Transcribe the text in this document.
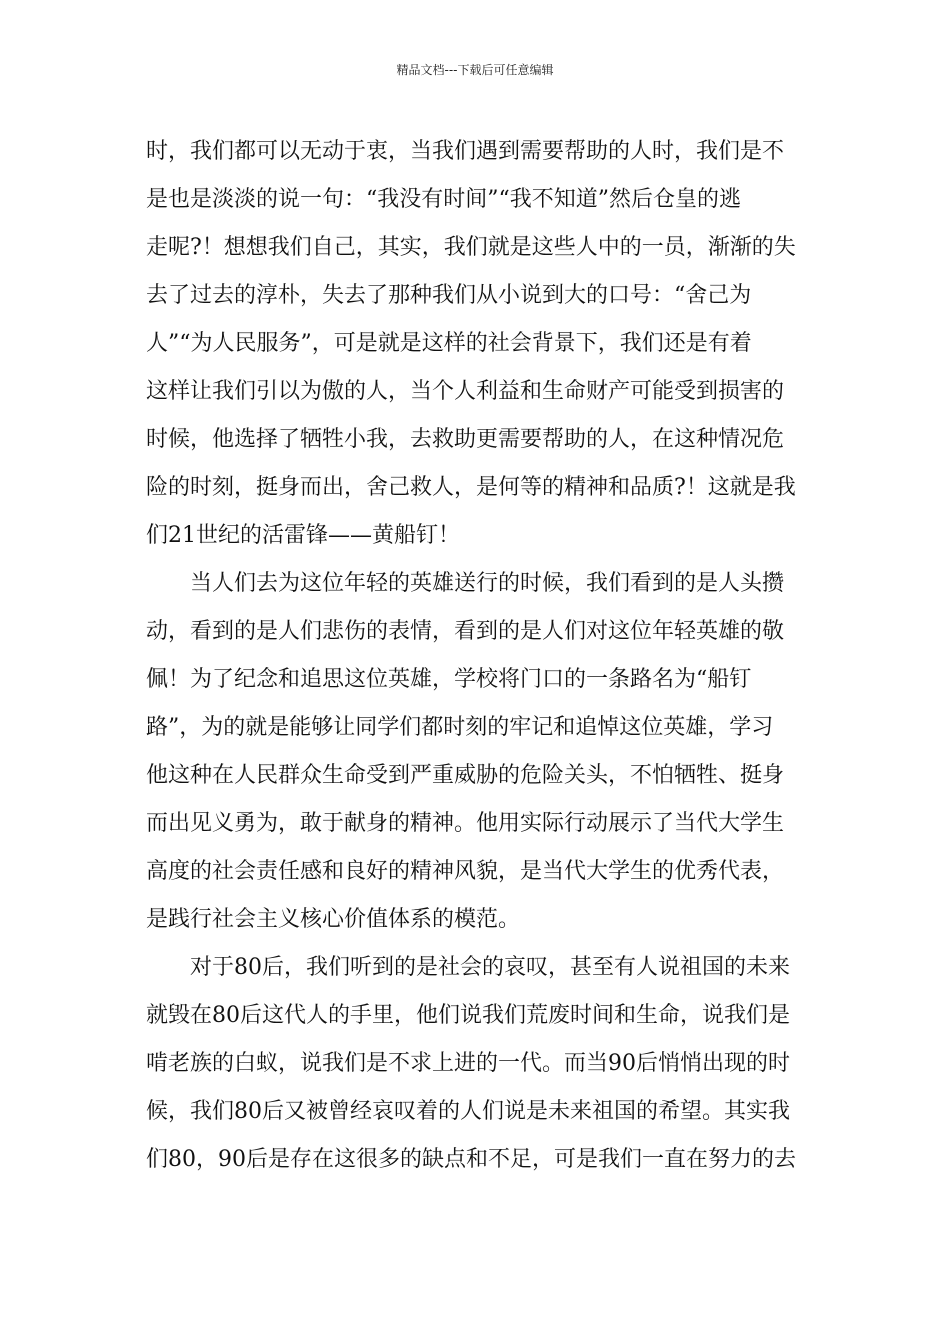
精品文档---下载后可任意编辑
时，我们都可以无动于衷，当我们遇到需要帮助的人时，我们是不
是也是淡淡的说一句：“我没有时间”“我不知道”然后仓皇的逃
走呢?！想想我们自己，其实，我们就是这些人中的一员，渐渐的失
去了过去的淳朴，失去了那种我们从小说到大的口号：“舍己为
人”“为人民服务”，可是就是这样的社会背景下，我们还是有着
这样让我们引以为傲的人，当个人利益和生命财产可能受到损害的
时候，他选择了牺牲小我，去救助更需要帮助的人，在这种情况危
险的时刻，挺身而出，舍己救人，是何等的精神和品质?！这就是我
们21世纪的活雷锋——黄船钉！
当人们去为这位年轻的英雄送行的时候，我们看到的是人头攒
动，看到的是人们悲伤的表情，看到的是人们对这位年轻英雄的敬
佩！为了纪念和追思这位英雄，学校将门口的一条路名为“船钉
路”，为的就是能够让同学们都时刻的牢记和追悼这位英雄，学习
他这种在人民群众生命受到严重威胁的危险关头，不怕牺牲、挺身
而出见义勇为，敢于献身的精神。他用实际行动展示了当代大学生
高度的社会责任感和良好的精神风貌，是当代大学生的优秀代表，
是践行社会主义核心价值体系的模范。
对于80后，我们听到的是社会的哀叹，甚至有人说祖国的未来
就毁在80后这代人的手里，他们说我们荒废时间和生命，说我们是
啃老族的白蚁，说我们是不求上进的一代。而当90后悄悄出现的时
候，我们80后又被曾经哀叹着的人们说是未来祖国的希望。其实我
们80，90后是存在这很多的缺点和不足，可是我们一直在努力的去
